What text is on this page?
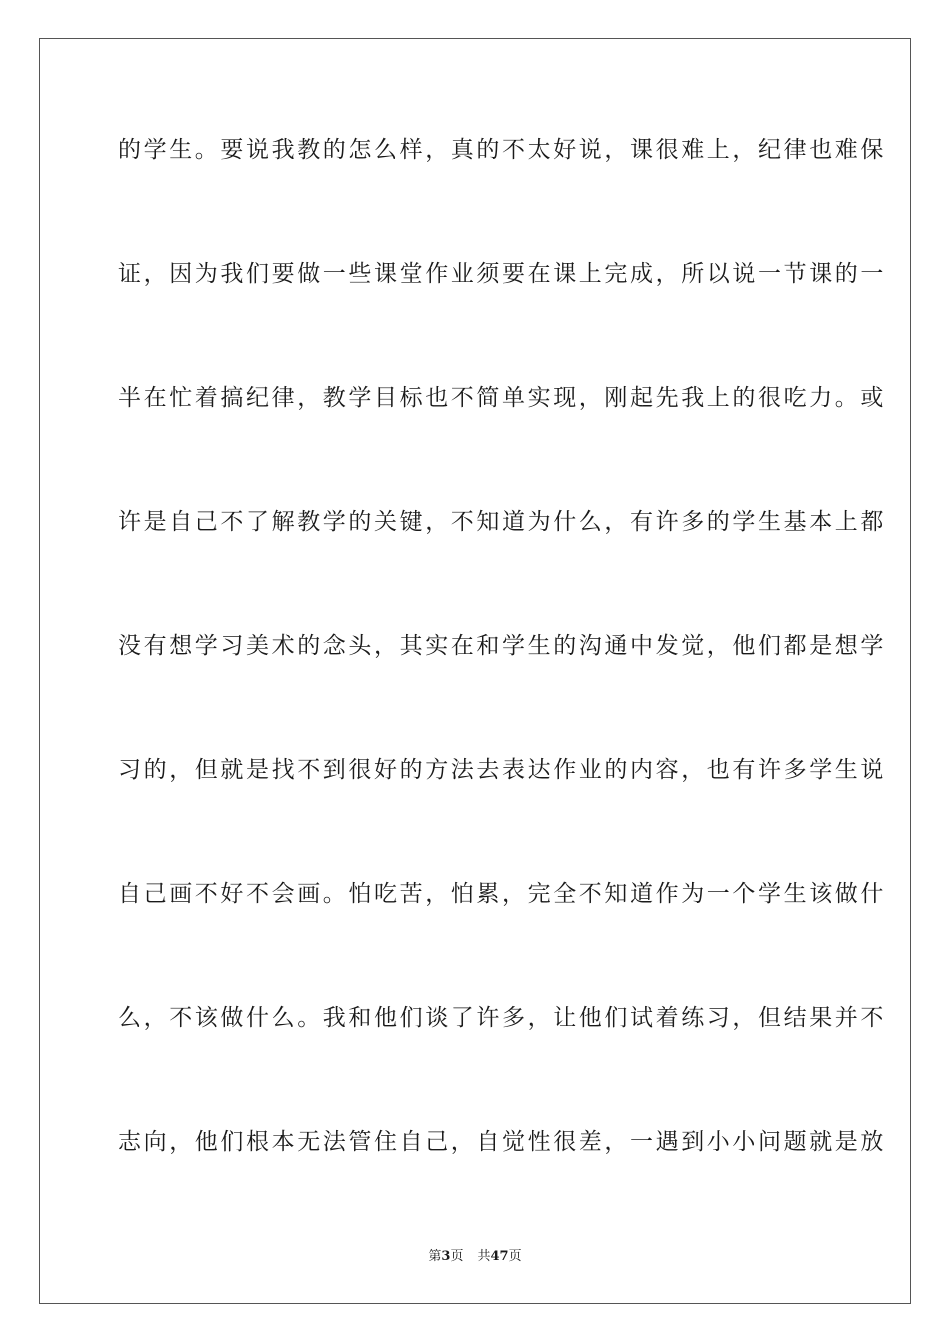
的学生。要说我教的怎么样，真的不太好说，课很难上，纪律也难保
证，因为我们要做一些课堂作业须要在课上完成，所以说一节课的一
半在忙着搞纪律，教学目标也不简单实现，刚起先我上的很吃力。或
许是自己不了解教学的关键，不知道为什么，有许多的学生基本上都
没有想学习美术的念头，其实在和学生的沟通中发觉，他们都是想学
习的，但就是找不到很好的方法去表达作业的内容，也有许多学生说
自己画不好不会画。怕吃苦，怕累，完全不知道作为一个学生该做什
么，不该做什么。我和他们谈了许多，让他们试着练习，但结果并不
志向，他们根本无法管住自己，自觉性很差，一遇到小小问题就是放
第3页 共47页
